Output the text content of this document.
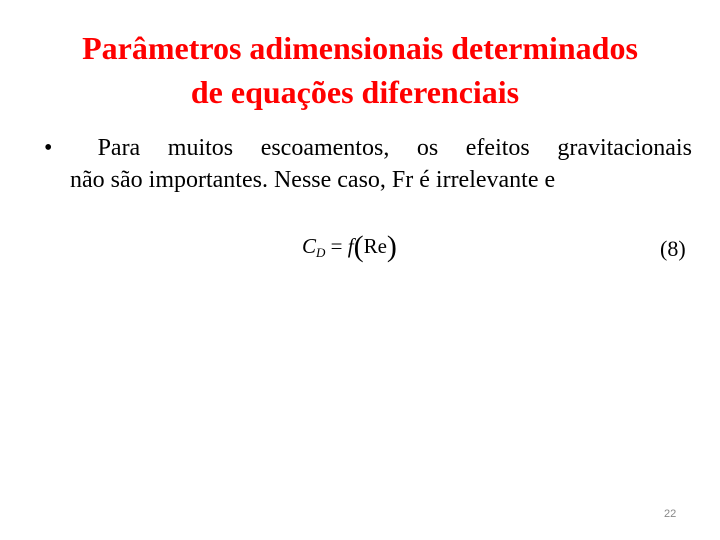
Parâmetros adimensionais determinados
de equações diferenciais
•	Para muitos escoamentos, os efeitos gravitacionais
não são importantes. Nesse caso, Fr é irrelevante e
$C_D = f(Re)$	(8)
22
